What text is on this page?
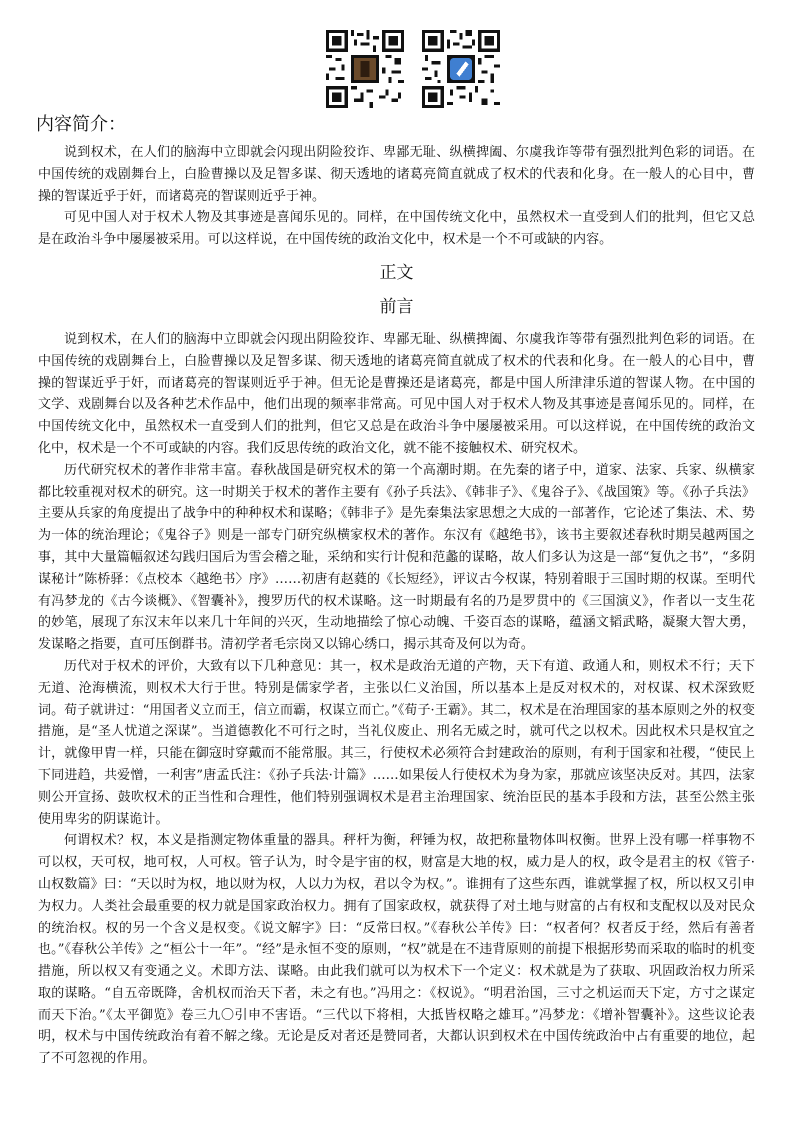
内容简介：

说到权术，在人们的脑海中立即就会闪现出阴险狡诈、卑鄙无耻、纵横捭阖、尔虞我诈等带有强烈批判色彩的词语。在中国传统的戏剧舞台上，白脸曹操以及足智多谋、彻天透地的诸葛亮简直就成了权术的代表和化身。在一般人的心目中，曹操的智谋近乎于奸，而诸葛亮的智谋则近乎于神。

可见中国人对于权术人物及其事迹是喜闻乐见的。同样，在中国传统文化中，虽然权术一直受到人们的批判，但它又总是在政治斗争中屡屡被采用。可以这样说，在中国传统的政治文化中，权术是一个不可或缺的内容。

正文
前言

说到权术，在人们的脑海中立即就会闪现出阴险狡诈、卑鄙无耻、纵横捭阖、尔虞我诈等带有强烈批判色彩的词语。在中国传统的戏剧舞台上，白脸曹操以及足智多谋、彻天透地的诸葛亮简直就成了权术的代表和化身。在一般人的心目中，曹操的智谋近乎于奸，而诸葛亮的智谋则近乎于神。但无论是曹操还是诸葛亮，都是中国人所津津乐道的智谋人物。在中国的文学、戏剧舞台以及各种艺术作品中，他们出现的频率非常高。可见中国人对于权术人物及其事迹是喜闻乐见的。同样，在中国传统文化中，虽然权术一直受到人们的批判，但它又总是在政治斗争中屡屡被采用。可以这样说，在中国传统的政治文化中，权术是一个不可或缺的内容。我们反思传统的政治文化，就不能不接触权术、研究权术。

历代研究权术的著作非常丰富。春秋战国是研究权术的第一个高潮时期。在先秦的诸子中，道家、法家、兵家、纵横家都比较重视对权术的研究。这一时期关于权术的著作主要有《孙子兵法》、《韩非子》、《鬼谷子》、《战国策》等。《孙子兵法》主要从兵家的角度提出了战争中的种种权术和谋略；《韩非子》是先秦集法家思想之大成的一部著作，它论述了集法、术、势为一体的统治理论；《鬼谷子》则是一部专门研究纵横家权术的著作。东汉有《越绝书》，该书主要叙述春秋时期吴越两国之事，其中大量篇幅叙述勾践归国后为雪会稽之耻，采纳和实行计倪和范蠡的谋略，故人们多认为这是一部“复仇之书”，“多阴谋秘计”陈桥驿：《点校本〈越绝书〉序》……初唐有赵蕤的《长短经》，评议古今权谋，特别着眼于三国时期的权谋。至明代有冯梦龙的《古今谈概》、《智囊补》，搜罗历代的权术谋略。这一时期最有名的乃是罗贯中的《三国演义》，作者以一支生花的妙笔，展现了东汉末年以来几十年间的兴灭，生动地描绘了惊心动魄、千姿百态的谋略，蕴涵文韬武略，凝聚大智大勇，发谋略之指要，直可压倒群书。清初学者毛宗岗又以锦心绣口，揭示其奇及何以为奇。

历代对于权术的评价，大致有以下几种意见：其一，权术是政治无道的产物，天下有道、政通人和，则权术不行；天下无道、沧海横流，则权术大行于世。特别是儒家学者，主张以仁义治国，所以基本上是反对权术的，对权谋、权术深致贬词。荀子就讲过：“用国者义立而王，信立而霸，权谋立而亡。”《荀子·王霸》。其二，权术是在治理国家的基本原则之外的权变措施，是“圣人忧道之深谋”。当道德教化不可行之时，当礼仪废止、刑名无威之时，就可代之以权术。因此权术只是权宜之计，就像甲胄一样，只能在御寇时穿戴而不能常服。其三，行使权术必须符合封建政治的原则，有利于国家和社稷，“使民上下同进趋，共爱憎，一利害”唐孟氏注：《孙子兵法·计篇》……如果佞人行使权术为身为家，那就应该坚决反对。其四，法家则公开宣扬、鼓吹权术的正当性和合理性，他们特别强调权术是君主治理国家、统治臣民的基本手段和方法，甚至公然主张使用卑劣的阴谋诡计。

何谓权术？权，本义是指测定物体重量的器具。秤杆为衡，秤锤为权，故把称量物体叫权衡。世界上没有哪一样事物不可以权，天可权，地可权，人可权。管子认为，时令是宇宙的权，财富是大地的权，威力是人的权，政令是君主的权《管子·山权数篇》曰：“天以时为权，地以财为权，人以力为权，君以令为权。”。谁拥有了这些东西，谁就掌握了权，所以权又引申为权力。人类社会最重要的权力就是国家政治权力。拥有了国家政权，就获得了对土地与财富的占有权和支配权以及对民众的统治权。权的另一个含义是权变。《说文解字》曰：“反常曰权。”《春秋公羊传》曰：“权者何？权者反于经，然后有善者也。”《春秋公羊传》之“桓公十一年”。“经”是永恒不变的原则，“权”就是在不违背原则的前提下根据形势而采取的临时的机变措施，所以权又有变通之义。术即方法、谋略。由此我们就可以为权术下一个定义：权术就是为了获取、巩固政治权力所采取的谋略。“自五帝既降，舍机权而治天下者，未之有也。”冯用之：《权说》。“明君治国，三寸之机运而天下定，方寸之谋定而天下治。”《太平御览》卷三九〇引申不害语。“三代以下将相，大抵皆权略之雄耳。”冯梦龙：《增补智囊补》。这些议论表明，权术与中国传统政治有着不解之缘。无论是反对者还是赞同者，大都认识到权术在中国传统政治中占有重要的地位，起了不可忽视的作用。
